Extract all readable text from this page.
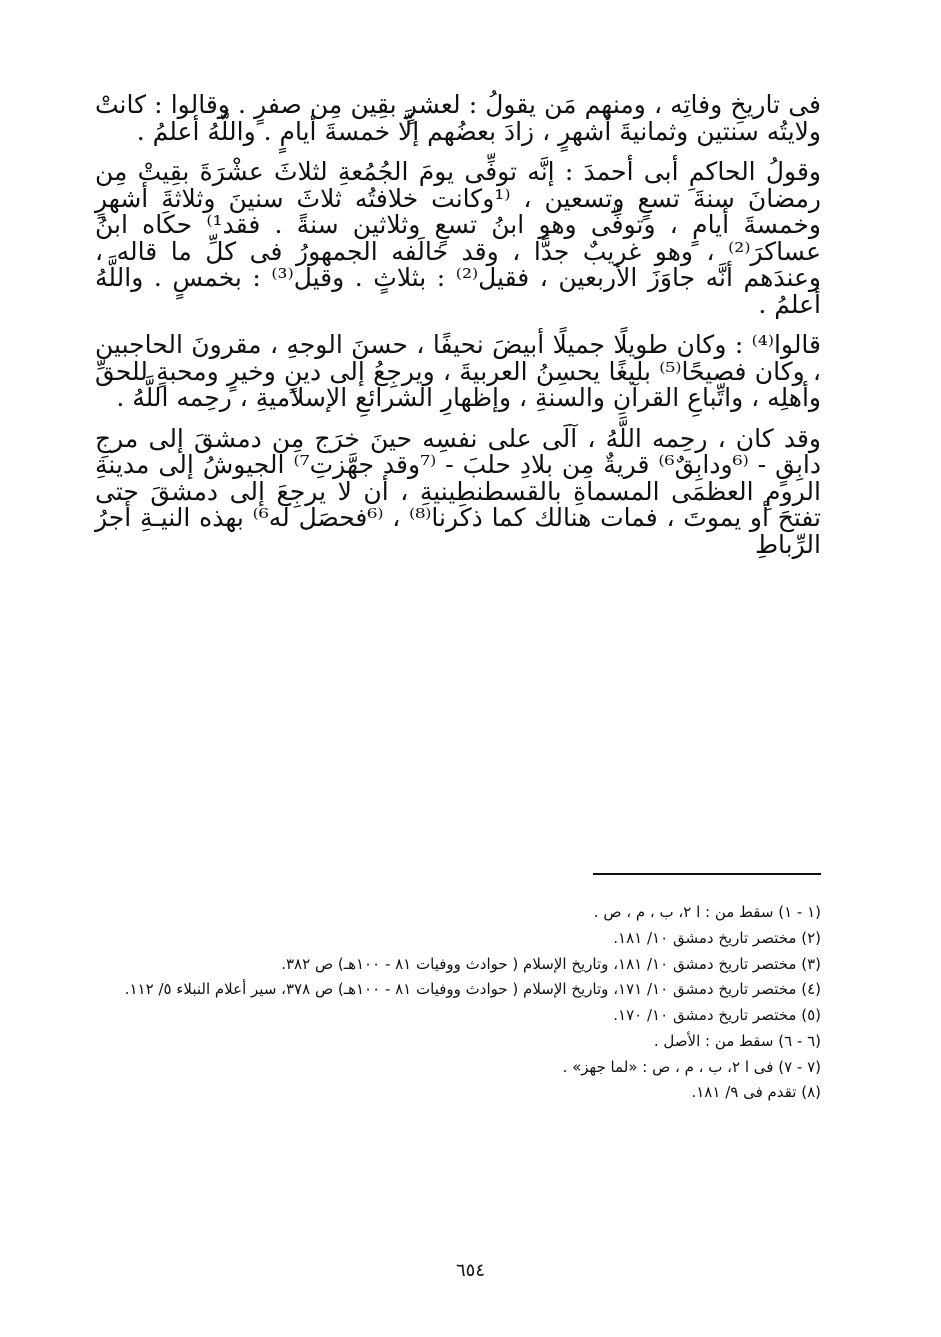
فى تاريخِ وفاتِه ، ومنهم مَن يقولُ : لعشرٍ بقِين مِن صفرٍ . وقالوا : كانتْ ولايتُه سنتين وثمانيةَ أشهرٍ ، زادَ بعضُهم إلَّا خمسةَ أيامٍ . واللَّهُ أعلمُ .

وقولُ الحاكمِ أبى أحمدَ : إنَّه توفِّى يومَ الجُمُعةِ لثلاثَ عشْرَةَ بقِيتْ مِن رمضانَ سنةَ تسعٍ وتسعين ، ⁽¹وكانت خلافتُه ثلاثَ سنينَ وثلاثةَ أشهرٍ وخمسةَ أيامٍ ، وتوفِّى وهو ابنُ تسعٍ وثلاثين سنةً . فقد¹⁾ حكَاه ابنُ عساكرَ⁽²⁾ ، وهو غريبٌ جدًّا ، وقد خالَفه الجمهورُ فى كلِّ ما قاله ، وعندَهم أنَّه جاوَزَ الأربعين ، فقيل⁽²⁾ : بثلاثٍ . وقيل⁽³⁾ : بخمسٍ . واللَّهُ أعلمُ .

قالوا⁽⁴⁾ : وكان طويلًا جميلًا أبيضَ نحيفًا ، حسنَ الوجهِ ، مقرونَ الحاجبين ، وكان فصيحًا⁽⁵⁾ بليغًا يحسِنُ العربيةَ ، ويرجِعُ إلى دينٍ وخيرٍ ومحبةٍ للحقِّ وأهلِه ، واتِّباعِ القرآنِ والسنةِ ، وإظهارِ الشرائعِ الإسلاميةِ ، رحِمه اللَّهُ .

وقد كان ، رحِمه اللَّهُ ، آلَى على نفسِه حينَ خرَج مِن دمشقَ إلى مرجِ دابِقٍ - ⁽⁶ودابِقٌ⁶⁾ قريةٌ مِن بلادِ حلبَ - ⁽⁷وقد جهَّزتِ⁷⁾ الجيوشُ إلى مدينةِ الرومِ العظمَى المسماةِ بالقسطنطينيةِ ، أن لا يرجِعَ إلى دمشقَ حتى تفتحَ أو يموتَ ، فمات هنالك كما ذكَرنا⁽⁸⁾ ، ⁽⁶فحصَل له⁶⁾ بهذه النيـةِ أجرُ الرِّباطِ

(١ - ١) سقط من : ا ٢، ب ، م ، ص .
(٢) مختصر تاريخ دمشق ١٠/ ١٨١.
(٣) مختصر تاريخ دمشق ١٠/ ١٨١، وتاريخ الإسلام ( حوادث ووفيات ٨١ - ١٠٠هـ) ص ٣٨٢.
(٤) مختصر تاريخ دمشق ١٠/ ١٧١، وتاريخ الإسلام ( حوادث ووفيات ٨١ - ١٠٠هـ) ص ٣٧٨، سير أعلام النبلاء ٥/ ١١٢.
(٥) مختصر تاريخ دمشق ١٠/ ١٧٠.
(٦ - ٦) سقط من : الأصل .
(٧ - ٧) فى ا ٢، ب ، م ، ص : «لما جهز» .
(٨) تقدم فى ٩/ ١٨١.
٦٥٤
